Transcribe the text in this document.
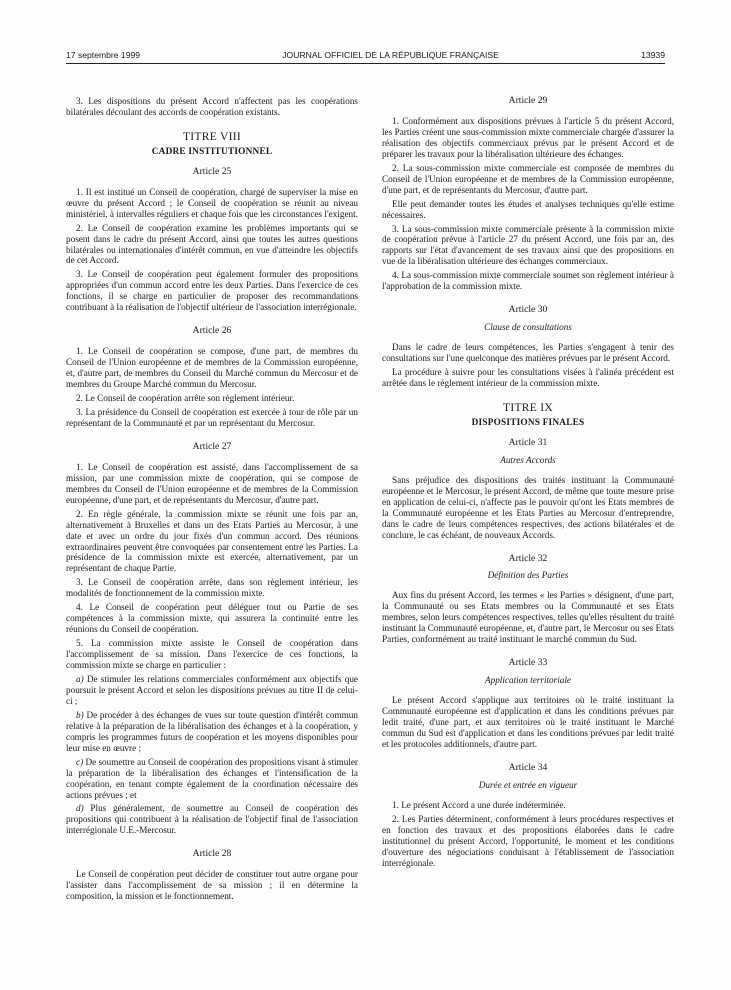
17 septembre 1999	JOURNAL OFFICIEL DE LA RÉPUBLIQUE FRANÇAISE	13939

3. Les dispositions du présent Accord n'affectent pas les coopérations bilatérales découlant des accords de coopération existants.

TITRE VIII
CADRE INSTITUTIONNEL
Article 25

1. Il est institué un Conseil de coopération, chargé de superviser la mise en œuvre du présent Accord ; le Conseil de coopération se réunit au niveau ministériel, à intervalles réguliers et chaque fois que les circonstances l'exigent.

2. Le Conseil de coopération examine les problèmes importants qui se posent dans le cadre du présent Accord, ainsi que toutes les autres questions bilatérales ou internationales d'intérêt commun, en vue d'atteindre les objectifs de cet Accord.

3. Le Conseil de coopération peut également formuler des propositions appropriées d'un commun accord entre les deux Parties. Dans l'exercice de ces fonctions, il se charge en particulier de proposer des recommandations contribuant à la réalisation de l'objectif ultérieur de l'association interrégionale.

Article 26

1. Le Conseil de coopération se compose, d'une part, de membres du Conseil de l'Union européenne et de membres de la Commission européenne, et, d'autre part, de membres du Conseil du Marché commun du Mercosur et de membres du Groupe Marché commun du Mercosur.

2. Le Conseil de coopération arrête son règlement intérieur.

3. La présidence du Conseil de coopération est exercée à tour de rôle par un représentant de la Communauté et par un représentant du Mercosur.

Article 27

1. Le Conseil de coopération est assisté, dans l'accomplissement de sa mission, par une commission mixte de coopération, qui se compose de membres du Conseil de l'Union européenne et de membres de la Commission européenne, d'une part, et de représentants du Mercosur, d'autre part.

2. En règle générale, la commission mixte se réunit une fois par an, alternativement à Bruxelles et dans un des Etats Parties au Mercosur, à une date et avec un ordre du jour fixés d'un commun accord. Des réunions extraordinaires peuvent être convoquées par consentement entre les Parties. La présidence de la commission mixte est exercée, alternativement, par un représentant de chaque Partie.

3. Le Conseil de coopération arrête, dans son règlement intérieur, les modalités de fonctionnement de la commission mixte.

4. Le Conseil de coopération peut déléguer tout ou Partie de ses compétences à la commission mixte, qui assurera la continuité entre les réunions du Conseil de coopération.

5. La commission mixte assiste le Conseil de coopération dans l'accomplissement de sa mission. Dans l'exercice de ces fonctions, la commission mixte se charge en particulier :

a) De stimuler les relations commerciales conformément aux objectifs que poursuit le présent Accord et selon les dispositions prévues au titre II de celui-ci ;

b) De procéder à des échanges de vues sur toute question d'intérêt commun relative à la préparation de la libéralisation des échanges et à la coopération, y compris les programmes futurs de coopération et les moyens disponibles pour leur mise en œuvre ;

c) De soumettre au Conseil de coopération des propositions visant à stimuler la préparation de la libéralisation des échanges et l'intensification de la coopération, en tenant compte également de la coordination nécessaire des actions prévues ; et

d) Plus généralement, de soumettre au Conseil de coopération des propositions qui contribuent à la réalisation de l'objectif final de l'association interrégionale U.E.-Mercosur.

Article 28

Le Conseil de coopération peut décider de constituer tout autre organe pour l'assister dans l'accomplissement de sa mission ; il en détermine la composition, la mission et le fonctionnement.

Article 29

1. Conformément aux dispositions prévues à l'article 5 du présent Accord, les Parties créent une sous-commission mixte commerciale chargée d'assurer la réalisation des objectifs commerciaux prévus par le présent Accord et de préparer les travaux pour la libéralisation ultérieure des échanges.

2. La sous-commission mixte commerciale est composée de membres du Conseil de l'Union européenne et de membres de la Commission européenne, d'une part, et de représentants du Mercosur, d'autre part.

Elle peut demander toutes les études et analyses techniques qu'elle estime nécessaires.

3. La sous-commission mixte commerciale présente à la commission mixte de coopération prévue à l'article 27 du présent Accord, une fois par an, des rapports sur l'état d'avancement de ses travaux ainsi que des propositions en vue de la libéralisation ultérieure des échanges commerciaux.

4. La sous-commission mixte commerciale soumet son règlement intérieur à l'approbation de la commission mixte.

Article 30
Clause de consultations

Dans le cadre de leurs compétences, les Parties s'engagent à tenir des consultations sur l'une quelconque des matières prévues par le présent Accord.

La procédure à suivre pour les consultations visées à l'alinéa précédent est arrêtée dans le règlement intérieur de la commission mixte.

TITRE IX
DISPOSITIONS FINALES
Article 31
Autres Accords

Sans préjudice des dispositions des traités instituant la Communauté européenne et le Mercosur, le présent Accord, de même que toute mesure prise en application de celui-ci, n'affecte pas le pouvoir qu'ont les Etats membres de la Communauté européenne et les Etats Parties au Mercosur d'entreprendre, dans le cadre de leurs compétences respectives, des actions bilatérales et de conclure, le cas échéant, de nouveaux Accords.

Article 32
Définition des Parties

Aux fins du présent Accord, les termes « les Parties » désignent, d'une part, la Communauté ou ses Etats membres ou la Communauté et ses Etats membres, selon leurs compétences respectives, telles qu'elles résultent du traité instituant la Communauté européenne, et, d'autre part, le Mercosur ou ses Etats Parties, conformément au traité instituant le marché commun du Sud.

Article 33
Application territoriale

Le présent Accord s'applique aux territoires où le traité instituant la Communauté européenne est d'application et dans les conditions prévues par ledit traité, d'une part, et aux territoires où le traité instituant le Marché commun du Sud est d'application et dans les conditions prévues par ledit traité et les protocoles additionnels, d'autre part.

Article 34
Durée et entrée en vigueur

1. Le présent Accord a une durée indéterminée.

2. Les Parties déterminent, conformément à leurs procédures respectives et en fonction des travaux et des propositions élaborées dans le cadre institutionnel du présent Accord, l'opportunité, le moment et les conditions d'ouverture des négociations conduisant à l'établissement de l'association interrégionale.
